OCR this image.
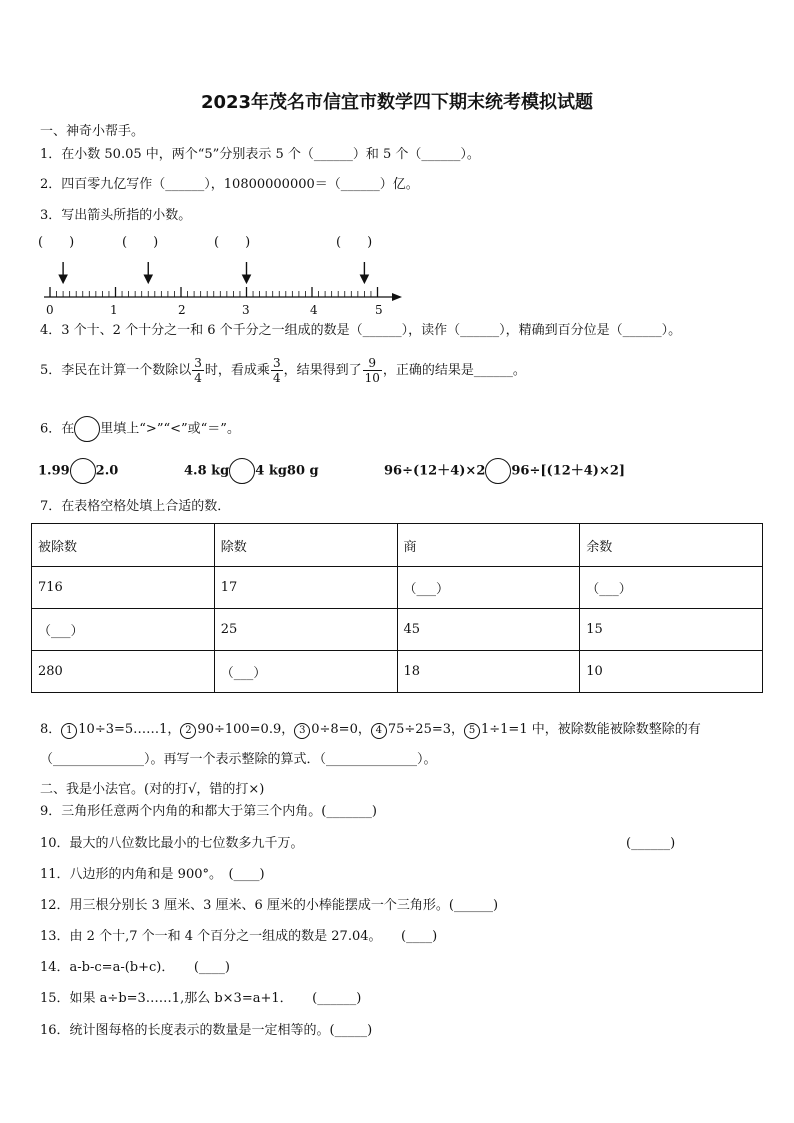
2023年茂名市信宜市数学四下期末统考模拟试题
一、神奇小帮手。
1．在小数 50.05 中，两个“5”分别表示 5 个（______）和 5 个（______）。
2．四百零九亿写作（______），10800000000＝（______）亿。
3．写出箭头所指的小数。
(　　)	(　　)	(　　)	(　　)
0	1	2	3	4	5
4．3 个十、2 个十分之一和 6 个千分之一组成的数是（______），读作（______），精确到百分位是（______）。
5．李民在计算一个数除以 $\frac{3}{4}$ 时，看成乘 $\frac{3}{4}$ ，结果得到了 $\frac{9}{10}$ ，正确的结果是______。
6．在 里填上“>”“<”或“＝”。
1.99 2.0	4.8 kg 4 kg80 g	96÷(12＋4)×2 96÷[(12＋4)×2]
7．在表格空格处填上合适的数．
被除数	除数	商	余数
716	17	（___）	（___）
（___）	25	45	15
280	（___）	18	10
8． 1 10÷3=5……1， 2 90÷100=0.9， 3 0÷8=0， 4 75÷25=3， 5 1÷1=1 中，被除数能被除数整除的有
（______________）。再写一个表示整除的算式．（______________）。
二、我是小法官。(对的打√，错的打×)
9．三角形任意两个内角的和都大于第三个内角。(_______)
10．最大的八位数比最小的七位数多九千万。	(______)
11．八边形的内角和是 900°。　(____)
12．用三根分别长 3 厘米、3 厘米、6 厘米的小棒能摆成一个三角形。(______)
13．由 2 个十,7 个一和 4 个百分之一组成的数是 27.04。　　(____)
14．a-b-c=a-(b+c)．　　(____)
15．如果 a÷b=3……1,那么 b×3=a+1．　　(______)
16．统计图每格的长度表示的数量是一定相等的。(_____)
